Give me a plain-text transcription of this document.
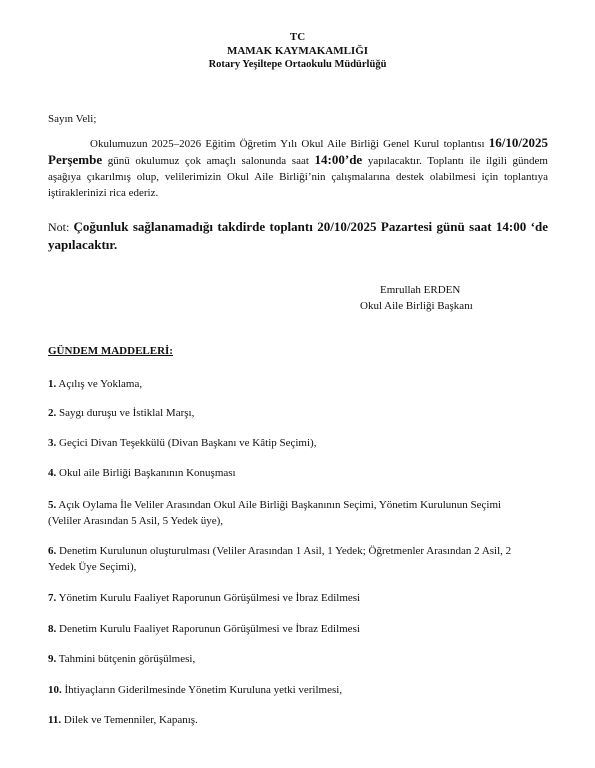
TC
MAMAK KAYMAKAMLIĞI
Rotary Yeşiltepe Ortaokulu Müdürlüğü
Sayın Veli;
Okulumuzun 2025–2026 Eğitim Öğretim Yılı Okul Aile Birliği Genel Kurul toplantısı 16/10/2025 Perşembe günü okulumuz çok amaçlı salonunda saat 14:00’de yapılacaktır. Toplantı ile ilgili gündem aşağıya çıkarılmış olup, velilerimizin Okul Aile Birliği’nin çalışmalarına destek olabilmesi için toplantıya iştiraklerinizi rica ederiz.
Not: Çoğunluk sağlanamadığı takdirde toplantı 20/10/2025 Pazartesi günü saat 14:00 ‘de yapılacaktır.
Emrullah ERDEN
Okul Aile Birliği Başkanı
GÜNDEM MADDELERİ:
1. Açılış ve Yoklama,
2. Saygı duruşu ve İstiklal Marşı,
3. Geçici Divan Teşekkülü (Divan Başkanı ve Kâtip Seçimi),
4. Okul aile Birliği Başkanının Konuşması
5. Açık Oylama İle Veliler Arasından Okul Aile Birliği Başkanının Seçimi, Yönetim Kurulunun Seçimi (Veliler Arasından 5 Asil, 5 Yedek üye),
6. Denetim Kurulunun oluşturulması (Veliler Arasından 1 Asil, 1 Yedek; Öğretmenler Arasından 2 Asil, 2 Yedek Üye Seçimi),
7. Yönetim Kurulu Faaliyet Raporunun Görüşülmesi ve İbraz Edilmesi
8. Denetim Kurulu Faaliyet Raporunun Görüşülmesi ve İbraz Edilmesi
9. Tahmini bütçenin görüşülmesi,
10. İhtiyaçların Giderilmesinde Yönetim Kuruluna yetki verilmesi,
11. Dilek ve Temenniler, Kapanış.
